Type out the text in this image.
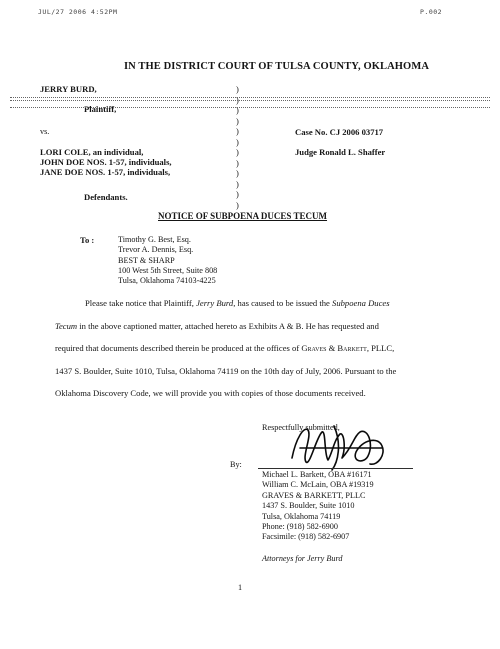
JUL/27 2006 4:52PM	P.002
IN THE DISTRICT COURT OF TULSA COUNTY, OKLAHOMA
JERRY BURD,
Plaintiff,
vs.
LORI COLE, an individual,
JOHN DOE NOS. 1-57, individuals,
JANE DOE NOS. 1-57, individuals,
Defendants.
)
)
)
)
)
)
)
)
)
)
)
)
Case No. CJ 2006 03717
Judge Ronald L. Shaffer
NOTICE OF SUBPOENA DUCES TECUM
To :	Timothy G. Best, Esq.
Trevor A. Dennis, Esq.
BEST & SHARP
100 West 5th Street, Suite 808
Tulsa, Oklahoma 74103-4225
Please take notice that Plaintiff, Jerry Burd, has caused to be issued the Subpoena Duces
Tecum in the above captioned matter, attached hereto as Exhibits A & B. He has requested and
required that documents described therein be produced at the offices of Graves & Barkett, PLLC,
1437 S. Boulder, Suite 1010, Tulsa, Oklahoma 74119 on the 10th day of July, 2006. Pursuant to the
Oklahoma Discovery Code, we will provide you with copies of those documents received.
Respectfully submitted,
By:
Michael L. Barkett, OBA #16171
William C. McLain, OBA #19319
GRAVES & BARKETT, PLLC
1437 S. Boulder, Suite 1010
Tulsa, Oklahoma 74119
Phone: (918) 582-6900
Facsimile: (918) 582-6907
Attorneys for Jerry Burd
1
